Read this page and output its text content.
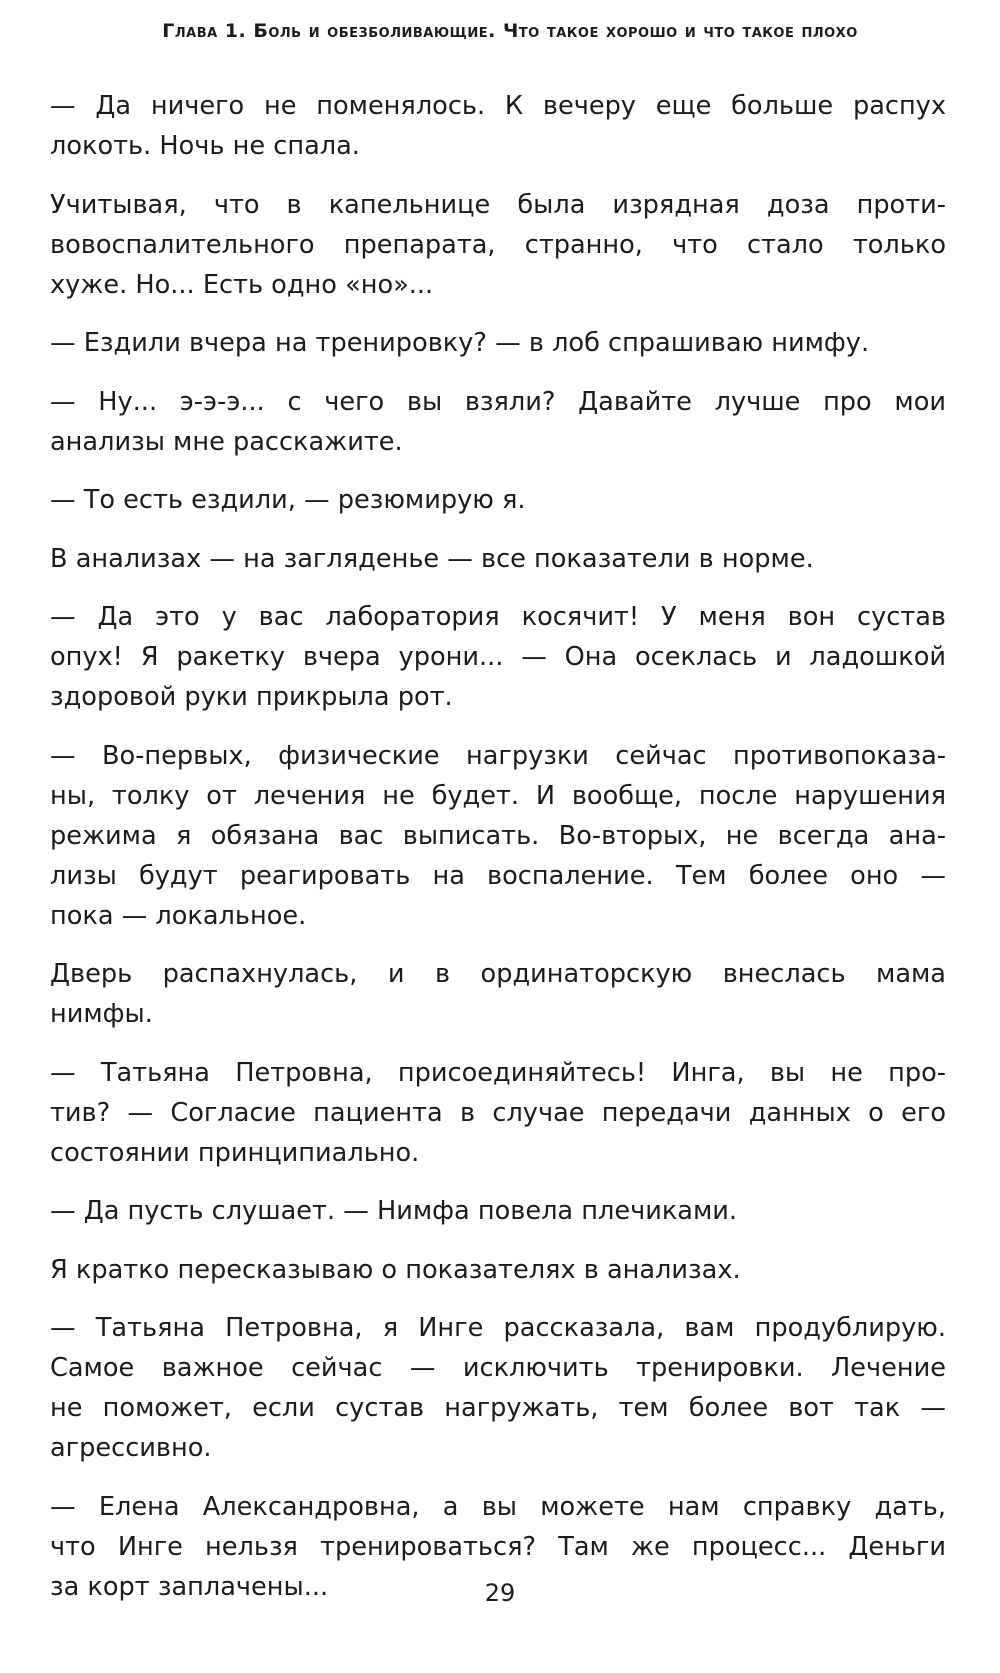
Глава 1. Боль и обезболивающие. Что такое хорошо и что такое плохо

— Да ничего не поменялось. К вечеру еще больше распух
локоть. Ночь не спала.

Учитывая, что в капельнице была изрядная доза проти-
вовоспалительного препарата, странно, что стало только
хуже. Но... Есть одно «но»...

— Ездили вчера на тренировку? — в лоб спрашиваю нимфу.

— Ну... э-э-э... с чего вы взяли? Давайте лучше про мои
анализы мне расскажите.

— То есть ездили, — резюмирую я.

В анализах — на загляденье — все показатели в норме.

— Да это у вас лаборатория косячит! У меня вон сустав
опух! Я ракетку вчера урони... — Она осеклась и ладошкой
здоровой руки прикрыла рот.

— Во-первых, физические нагрузки сейчас противопоказа-
ны, толку от лечения не будет. И вообще, после нарушения
режима я обязана вас выписать. Во-вторых, не всегда ана-
лизы будут реагировать на воспаление. Тем более оно —
пока — локальное.

Дверь распахнулась, и в ординаторскую внеслась мама
нимфы.

— Татьяна Петровна, присоединяйтесь! Инга, вы не про-
тив? — Согласие пациента в случае передачи данных о его
состоянии принципиально.

— Да пусть слушает. — Нимфа повела плечиками.

Я кратко пересказываю о показателях в анализах.

— Татьяна Петровна, я Инге рассказала, вам продублирую.
Самое важное сейчас — исключить тренировки. Лечение
не поможет, если сустав нагружать, тем более вот так —
агрессивно.

— Елена Александровна, а вы можете нам справку дать,
что Инге нельзя тренироваться? Там же процесс... Деньги
за корт заплачены...	29
